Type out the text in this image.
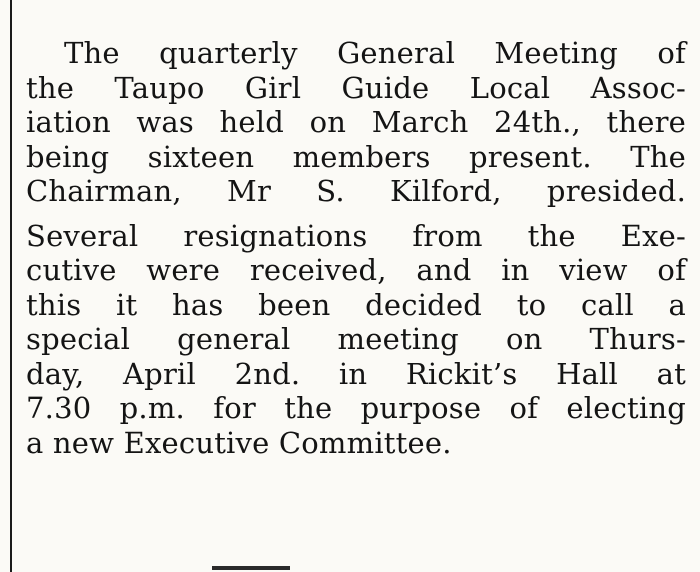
The quarterly General Meeting of
the Taupo Girl Guide Local Assoc-
iation was held on March 24th., there
being sixteen members present. The
Chairman, Mr S. Kilford, presided.
Several resignations from the Exe-
cutive were received, and in view of
this it has been decided to call a
special general meeting on Thurs-
day, April 2nd. in Rickit’s Hall at
7.30 p.m. for the purpose of electing
a new Executive Committee.
